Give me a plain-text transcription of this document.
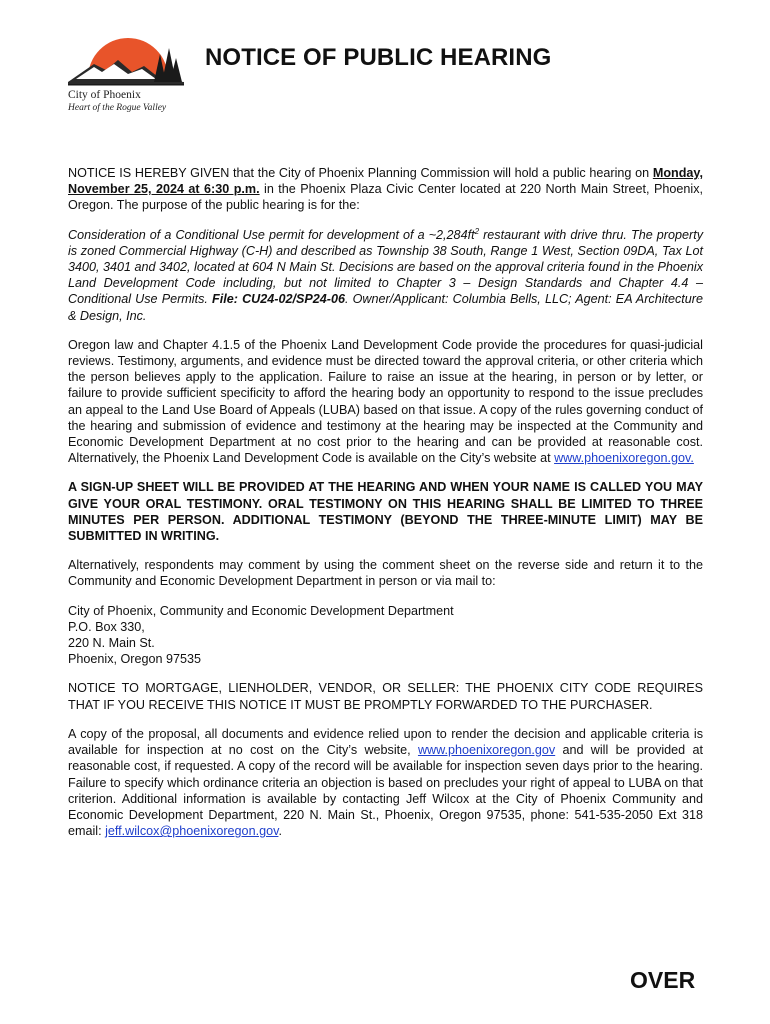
City of Phoenix
Heart of the Rogue Valley
NOTICE OF PUBLIC HEARING

NOTICE IS HEREBY GIVEN that the City of Phoenix Planning Commission will hold a public hearing on Monday, November 25, 2024 at 6:30 p.m. in the Phoenix Plaza Civic Center located at 220 North Main Street, Phoenix, Oregon. The purpose of the public hearing is for the:

Consideration of a Conditional Use permit for development of a $\sim 2,284ft^2$ restaurant with drive thru. The property is zoned Commercial Highway (C-H) and described as Township 38 South, Range 1 West, Section 09DA, Tax Lot 3400, 3401 and 3402, located at 604 N Main St. Decisions are based on the approval criteria found in the Phoenix Land Development Code including, but not limited to Chapter 3 – Design Standards and Chapter 4.4 – Conditional Use Permits. File: CU24-02/SP24-06. Owner/Applicant: Columbia Bells, LLC; Agent: EA Architecture & Design, Inc.

Oregon law and Chapter 4.1.5 of the Phoenix Land Development Code provide the procedures for quasi-judicial reviews. Testimony, arguments, and evidence must be directed toward the approval criteria, or other criteria which the person believes apply to the application. Failure to raise an issue at the hearing, in person or by letter, or failure to provide sufficient specificity to afford the hearing body an opportunity to respond to the issue precludes an appeal to the Land Use Board of Appeals (LUBA) based on that issue. A copy of the rules governing conduct of the hearing and submission of evidence and testimony at the hearing may be inspected at the Community and Economic Development Department at no cost prior to the hearing and can be provided at reasonable cost. Alternatively, the Phoenix Land Development Code is available on the City’s website at www.phoenixoregon.gov.

A SIGN-UP SHEET WILL BE PROVIDED AT THE HEARING AND WHEN YOUR NAME IS CALLED YOU MAY GIVE YOUR ORAL TESTIMONY. ORAL TESTIMONY ON THIS HEARING SHALL BE LIMITED TO THREE MINUTES PER PERSON. ADDITIONAL TESTIMONY (BEYOND THE THREE-MINUTE LIMIT) MAY BE SUBMITTED IN WRITING.

Alternatively, respondents may comment by using the comment sheet on the reverse side and return it to the Community and Economic Development Department in person or via mail to:

City of Phoenix, Community and Economic Development Department
P.O. Box 330,
220 N. Main St.
Phoenix, Oregon 97535

NOTICE TO MORTGAGE, LIENHOLDER, VENDOR, OR SELLER: THE PHOENIX CITY CODE REQUIRES THAT IF YOU RECEIVE THIS NOTICE IT MUST BE PROMPTLY FORWARDED TO THE PURCHASER.

A copy of the proposal, all documents and evidence relied upon to render the decision and applicable criteria is available for inspection at no cost on the City’s website, www.phoenixoregon.gov and will be provided at reasonable cost, if requested. A copy of the record will be available for inspection seven days prior to the hearing. Failure to specify which ordinance criteria an objection is based on precludes your right of appeal to LUBA on that criterion. Additional information is available by contacting Jeff Wilcox at the City of Phoenix Community and Economic Development Department, 220 N. Main St., Phoenix, Oregon 97535, phone: 541-535-2050 Ext 318 email: jeff.wilcox@phoenixoregon.gov.

OVER
